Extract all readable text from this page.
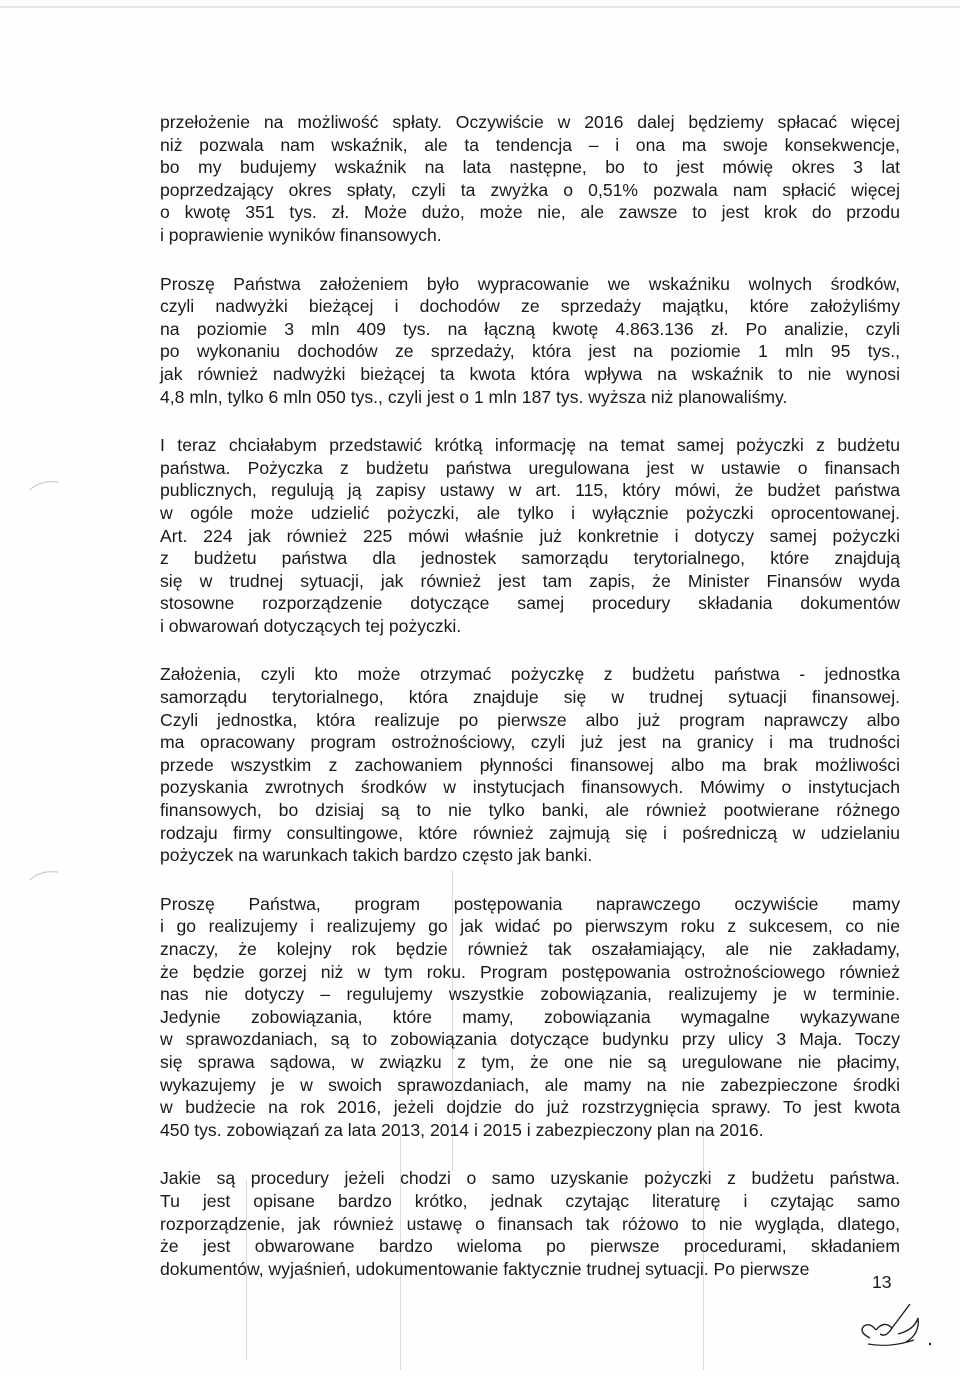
przełożenie na możliwość spłaty. Oczywiście w 2016 dalej będziemy spłacać więcej
niż pozwala nam wskaźnik, ale ta tendencja – i ona ma swoje konsekwencje,
bo my budujemy wskaźnik na lata następne, bo to jest mówię okres 3 lat
poprzedzający okres spłaty, czyli ta zwyżka o 0,51% pozwala nam spłacić więcej
o kwotę 351 tys. zł. Może dużo, może nie, ale zawsze to jest krok do przodu
i poprawienie wyników finansowych.

Proszę Państwa założeniem było wypracowanie we wskaźniku wolnych środków,
czyli nadwyżki bieżącej i dochodów ze sprzedaży majątku, które założyliśmy
na poziomie 3 mln 409 tys. na łączną kwotę 4.863.136 zł. Po analizie, czyli
po wykonaniu dochodów ze sprzedaży, która jest na poziomie 1 mln 95 tys.,
jak również nadwyżki bieżącej ta kwota która wpływa na wskaźnik to nie wynosi
4,8 mln, tylko 6 mln 050 tys., czyli jest o 1 mln 187 tys. wyższa niż planowaliśmy.

I teraz chciałabym przedstawić krótką informację na temat samej pożyczki z budżetu
państwa. Pożyczka z budżetu państwa uregulowana jest w ustawie o finansach
publicznych, regulują ją zapisy ustawy w art. 115, który mówi, że budżet państwa
w ogóle może udzielić pożyczki, ale tylko i wyłącznie pożyczki oprocentowanej.
Art. 224 jak również 225 mówi właśnie już konkretnie i dotyczy samej pożyczki
z budżetu państwa dla jednostek samorządu terytorialnego, które znajdują
się w trudnej sytuacji, jak również jest tam zapis, że Minister Finansów wyda
stosowne rozporządzenie dotyczące samej procedury składania dokumentów
i obwarowań dotyczących tej pożyczki.

Założenia, czyli kto może otrzymać pożyczkę z budżetu państwa - jednostka
samorządu terytorialnego, która znajduje się w trudnej sytuacji finansowej.
Czyli jednostka, która realizuje po pierwsze albo już program naprawczy albo
ma opracowany program ostrożnościowy, czyli już jest na granicy i ma trudności
przede wszystkim z zachowaniem płynności finansowej albo ma brak możliwości
pozyskania zwrotnych środków w instytucjach finansowych. Mówimy o instytucjach
finansowych, bo dzisiaj są to nie tylko banki, ale również pootwierane różnego
rodzaju firmy consultingowe, które również zajmują się i pośredniczą w udzielaniu
pożyczek na warunkach takich bardzo często jak banki.

Proszę Państwa, program postępowania naprawczego oczywiście mamy
i go realizujemy i realizujemy go jak widać po pierwszym roku z sukcesem, co nie
znaczy, że kolejny rok będzie również tak oszałamiający, ale nie zakładamy,
że będzie gorzej niż w tym roku. Program postępowania ostrożnościowego również
nas nie dotyczy – regulujemy wszystkie zobowiązania, realizujemy je w terminie.
Jedynie zobowiązania, które mamy, zobowiązania wymagalne wykazywane
w sprawozdaniach, są to zobowiązania dotyczące budynku przy ulicy 3 Maja. Toczy
się sprawa sądowa, w związku z tym, że one nie są uregulowane nie płacimy,
wykazujemy je w swoich sprawozdaniach, ale mamy na nie zabezpieczone środki
w budżecie na rok 2016, jeżeli dojdzie do już rozstrzygnięcia sprawy. To jest kwota
450 tys. zobowiązań za lata 2013, 2014 i 2015 i zabezpieczony plan na 2016.

Jakie są procedury jeżeli chodzi o samo uzyskanie pożyczki z budżetu państwa.
Tu jest opisane bardzo krótko, jednak czytając literaturę i czytając samo
rozporządzenie, jak również ustawę o finansach tak różowo to nie wygląda, dlatego,
że jest obwarowane bardzo wieloma po pierwsze procedurami, składaniem
dokumentów, wyjaśnień, udokumentowanie faktycznie trudnej sytuacji. Po pierwsze

13
